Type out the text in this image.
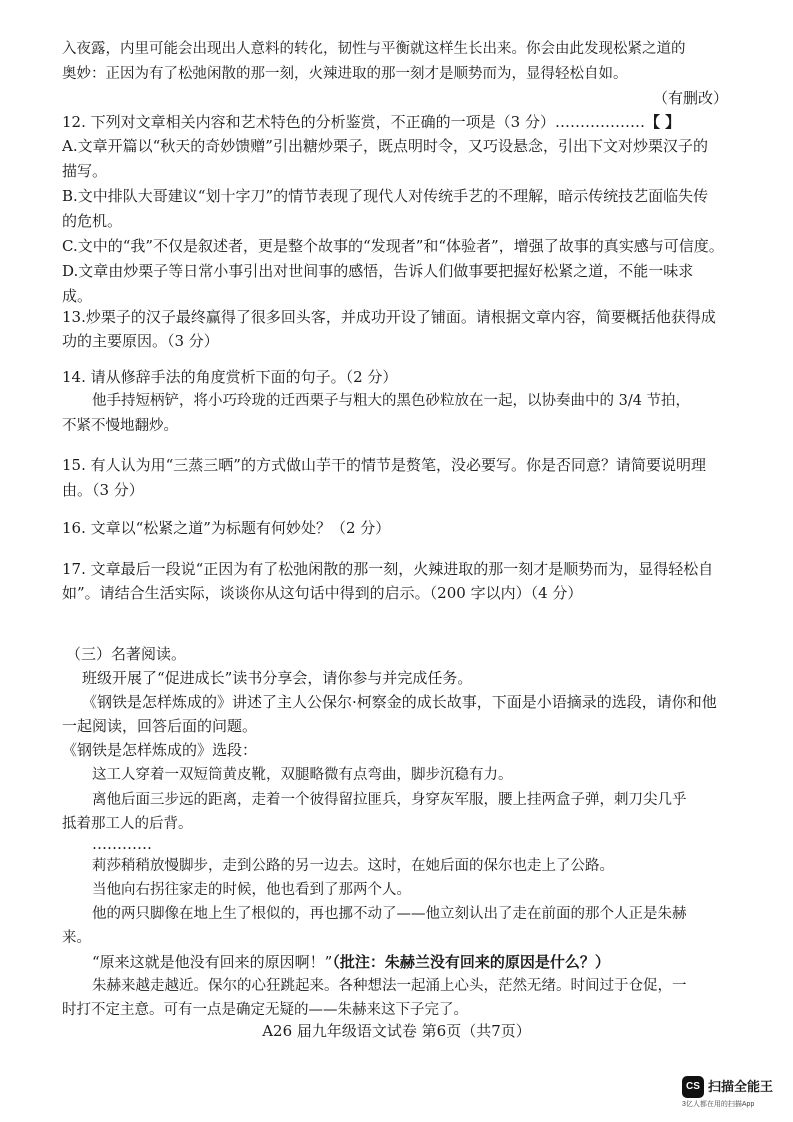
入夜露，内里可能会出现出人意料的转化，韧性与平衡就这样生长出来。你会由此发现松紧之道的
奥妙：正因为有了松弛闲散的那一刻，火辣进取的那一刻才是顺势而为，显得轻松自如。
（有删改）
12. 下列对文章相关内容和艺术特色的分析鉴赏，不正确的一项是（3 分）………………【 】
A.文章开篇以“秋天的奇妙馈赠”引出糖炒栗子，既点明时令，又巧设悬念，引出下文对炒栗汉子的
描写。
B.文中排队大哥建议“划十字刀”的情节表现了现代人对传统手艺的不理解，暗示传统技艺面临失传
的危机。
C.文中的“我”不仅是叙述者，更是整个故事的“发现者”和“体验者”，增强了故事的真实感与可信度。
D.文章由炒栗子等日常小事引出对世间事的感悟，告诉人们做事要把握好松紧之道，不能一味求
成。
13.炒栗子的汉子最终赢得了很多回头客，并成功开设了铺面。请根据文章内容，简要概括他获得成
功的主要原因。（3 分）
14. 请从修辞手法的角度赏析下面的句子。（2 分）
他手持短柄铲，将小巧玲珑的迁西栗子与粗大的黑色砂粒放在一起，以协奏曲中的 3/4 节拍，
不紧不慢地翻炒。
15. 有人认为用“三蒸三晒”的方式做山芋干的情节是赘笔，没必要写。你是否同意？请简要说明理
由。（3 分）
16. 文章以“松紧之道”为标题有何妙处？（2 分）
17. 文章最后一段说“正因为有了松弛闲散的那一刻，火辣进取的那一刻才是顺势而为，显得轻松自
如”。请结合生活实际，谈谈你从这句话中得到的启示。（200 字以内）（4 分）
（三）名著阅读。
班级开展了“促进成长”读书分享会，请你参与并完成任务。
《钢铁是怎样炼成的》讲述了主人公保尔·柯察金的成长故事，下面是小语摘录的选段，请你和他
一起阅读，回答后面的问题。
《钢铁是怎样炼成的》选段：
这工人穿着一双短筒黄皮靴，双腿略微有点弯曲，脚步沉稳有力。
离他后面三步远的距离，走着一个彼得留拉匪兵，身穿灰军服，腰上挂两盒子弹，刺刀尖几乎
抵着那工人的后背。
…………
莉莎稍稍放慢脚步，走到公路的另一边去。这时，在她后面的保尔也走上了公路。
当他向右拐往家走的时候，他也看到了那两个人。
他的两只脚像在地上生了根似的，再也挪不动了——他立刻认出了走在前面的那个人正是朱赫
来。
“原来这就是他没有回来的原因啊！”（批注：朱赫兰没有回来的原因是什么？）
朱赫来越走越近。保尔的心狂跳起来。各种想法一起涌上心头，茫然无绪。时间过于仓促，一
时打不定主意。可有一点是确定无疑的——朱赫来这下子完了。
A26 届九年级语文试卷 第6页（共7页）
CS 扫描全能王
3亿人都在用的扫描App
